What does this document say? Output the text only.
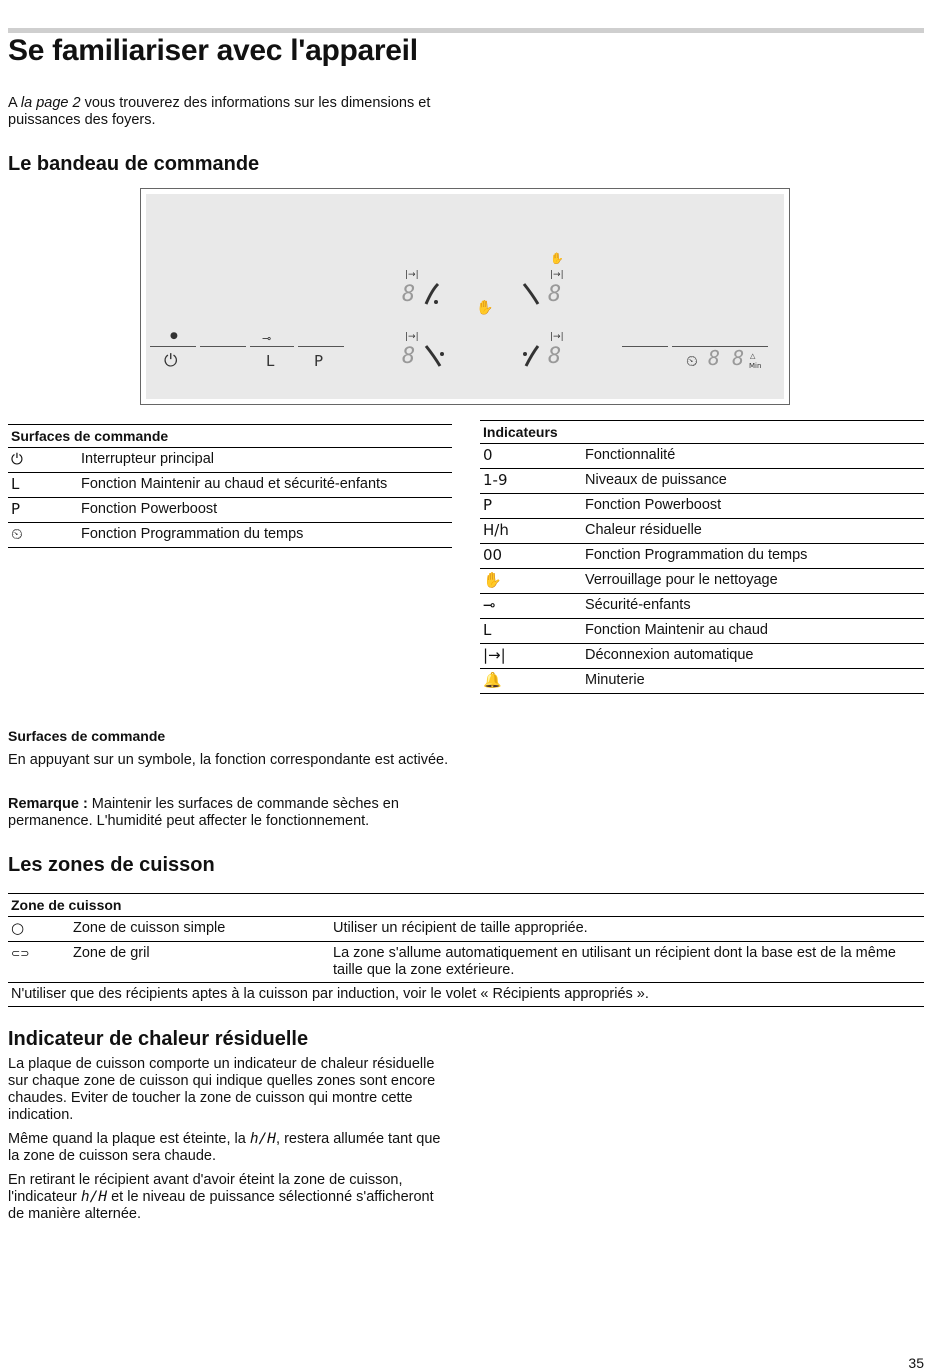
Se familiariser avec l'appareil

A la page 2 vous trouverez des informations sur les dimensions et puissances des foyers.

Le bandeau de commande
●	⊸
L	P
⏻
|→|	|→|
|→|	|→|
8	8
8	8
✋
✋
⏲ 8 8 △
Min
Surfaces de commande	
⏻	Interrupteur principal
L	Fonction Maintenir au chaud et sécurité-enfants
P	Fonction Powerboost
⏲	Fonction Programmation du temps
Indicateurs	
0	Fonctionnalité
1-9	Niveaux de puissance
P	Fonction Powerboost
H/h	Chaleur résiduelle
00	Fonction Programmation du temps
✋	Verrouillage pour le nettoyage
⊸	Sécurité-enfants
L	Fonction Maintenir au chaud
|→|	Déconnexion automatique
🔔	Minuterie

Surfaces de commande

En appuyant sur un symbole, la fonction correspondante est activée.

Remarque : Maintenir les surfaces de commande sèches en permanence. L'humidité peut affecter le fonctionnement.

Les zones de cuisson
Zone de cuisson		
○	Zone de cuisson simple	Utiliser un récipient de taille appropriée.
⊂⊃	Zone de gril	La zone s'allume automatiquement en utilisant un récipient dont la base est de la même taille que la zone extérieure.
N'utiliser que des récipients aptes à la cuisson par induction, voir le volet « Récipients appropriés ».		
Indicateur de chaleur résiduelle

La plaque de cuisson comporte un indicateur de chaleur résiduelle sur chaque zone de cuisson qui indique quelles zones sont encore chaudes. Eviter de toucher la zone de cuisson qui montre cette indication.

Même quand la plaque est éteinte, la h/H, restera allumée tant que la zone de cuisson sera chaude.

En retirant le récipient avant d'avoir éteint la zone de cuisson, l'indicateur h/H et le niveau de puissance sélectionné s'afficheront de manière alternée.

35
